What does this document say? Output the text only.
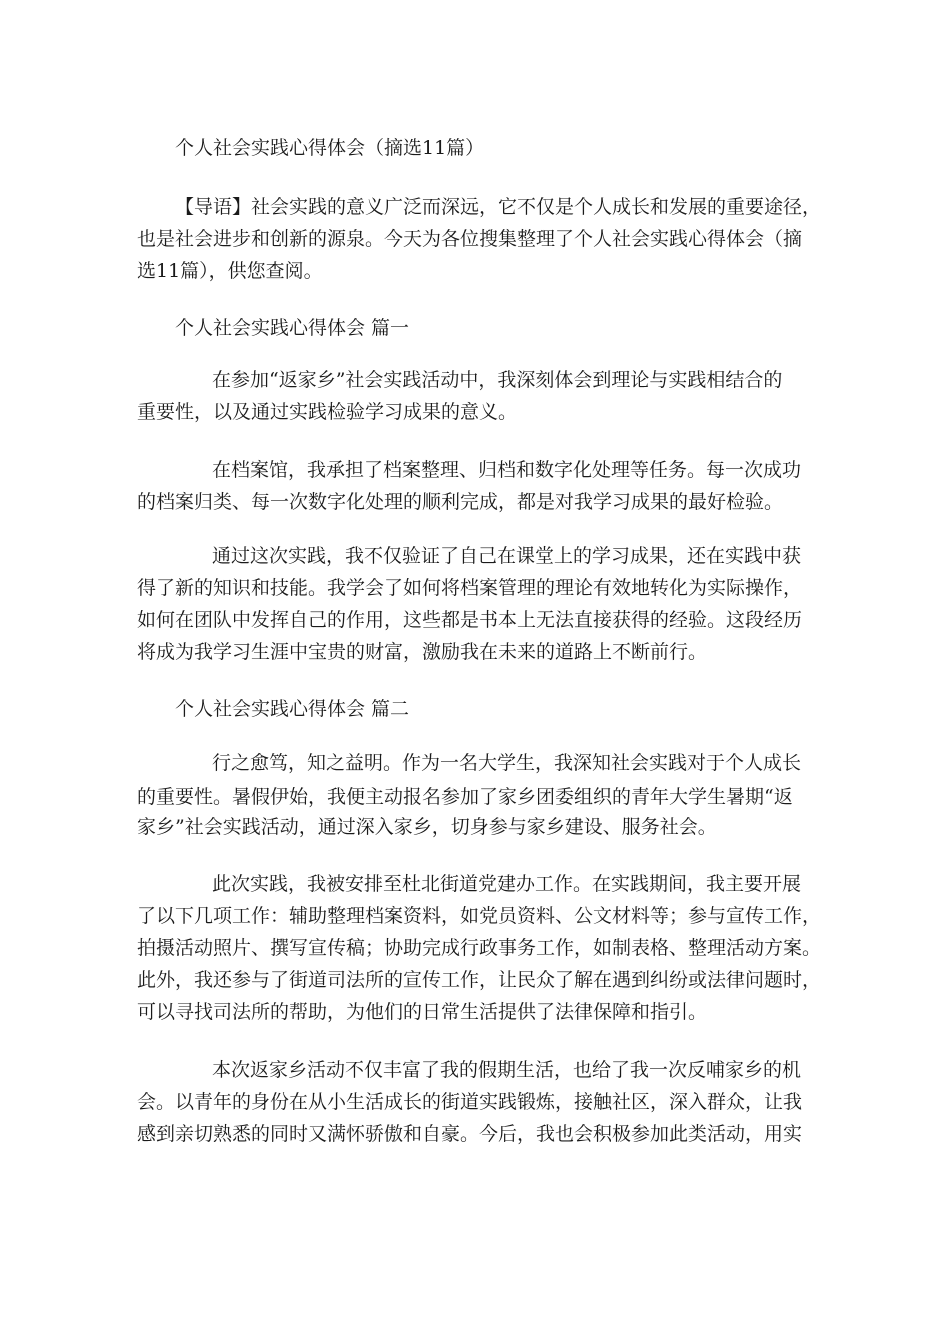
个人社会实践心得体会（摘选11篇）

【导语】社会实践的意义广泛而深远，它不仅是个人成长和发展的重要途径，

也是社会进步和创新的源泉。今天为各位搜集整理了个人社会实践心得体会（摘

选11篇），供您查阅。

个人社会实践心得体会 篇一

在参加“返家乡”社会实践活动中，我深刻体会到理论与实践相结合的

重要性，以及通过实践检验学习成果的意义。

在档案馆，我承担了档案整理、归档和数字化处理等任务。每一次成功

的档案归类、每一次数字化处理的顺利完成，都是对我学习成果的最好检验。

通过这次实践，我不仅验证了自己在课堂上的学习成果，还在实践中获

得了新的知识和技能。我学会了如何将档案管理的理论有效地转化为实际操作，

如何在团队中发挥自己的作用，这些都是书本上无法直接获得的经验。这段经历

将成为我学习生涯中宝贵的财富，激励我在未来的道路上不断前行。

个人社会实践心得体会 篇二

行之愈笃，知之益明。作为一名大学生，我深知社会实践对于个人成长

的重要性。暑假伊始，我便主动报名参加了家乡团委组织的青年大学生暑期“返

家乡”社会实践活动，通过深入家乡，切身参与家乡建设、服务社会。

此次实践，我被安排至杜北街道党建办工作。在实践期间，我主要开展

了以下几项工作：辅助整理档案资料，如党员资料、公文材料等；参与宣传工作，

拍摄活动照片、撰写宣传稿；协助完成行政事务工作，如制表格、整理活动方案。

此外，我还参与了街道司法所的宣传工作，让民众了解在遇到纠纷或法律问题时，

可以寻找司法所的帮助，为他们的日常生活提供了法律保障和指引。

本次返家乡活动不仅丰富了我的假期生活，也给了我一次反哺家乡的机

会。以青年的身份在从小生活成长的街道实践锻炼，接触社区，深入群众，让我

感到亲切熟悉的同时又满怀骄傲和自豪。今后，我也会积极参加此类活动，用实
